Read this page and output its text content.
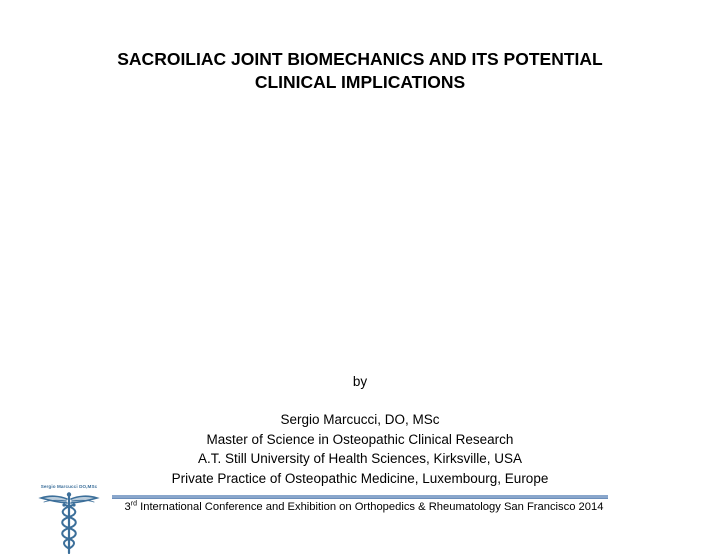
SACROILIAC JOINT BIOMECHANICS AND ITS POTENTIAL
CLINICAL IMPLICATIONS

by

Sergio Marcucci, DO, MSc
Master of Science in Osteopathic Clinical Research
A.T. Still University of Health Sciences, Kirksville, USA
Private Practice of Osteopathic Medicine, Luxembourg, Europe
Sergio Marcucci DO,MSc
3rd International Conference and Exhibition on Orthopedics & Rheumatology San Francisco 2014
